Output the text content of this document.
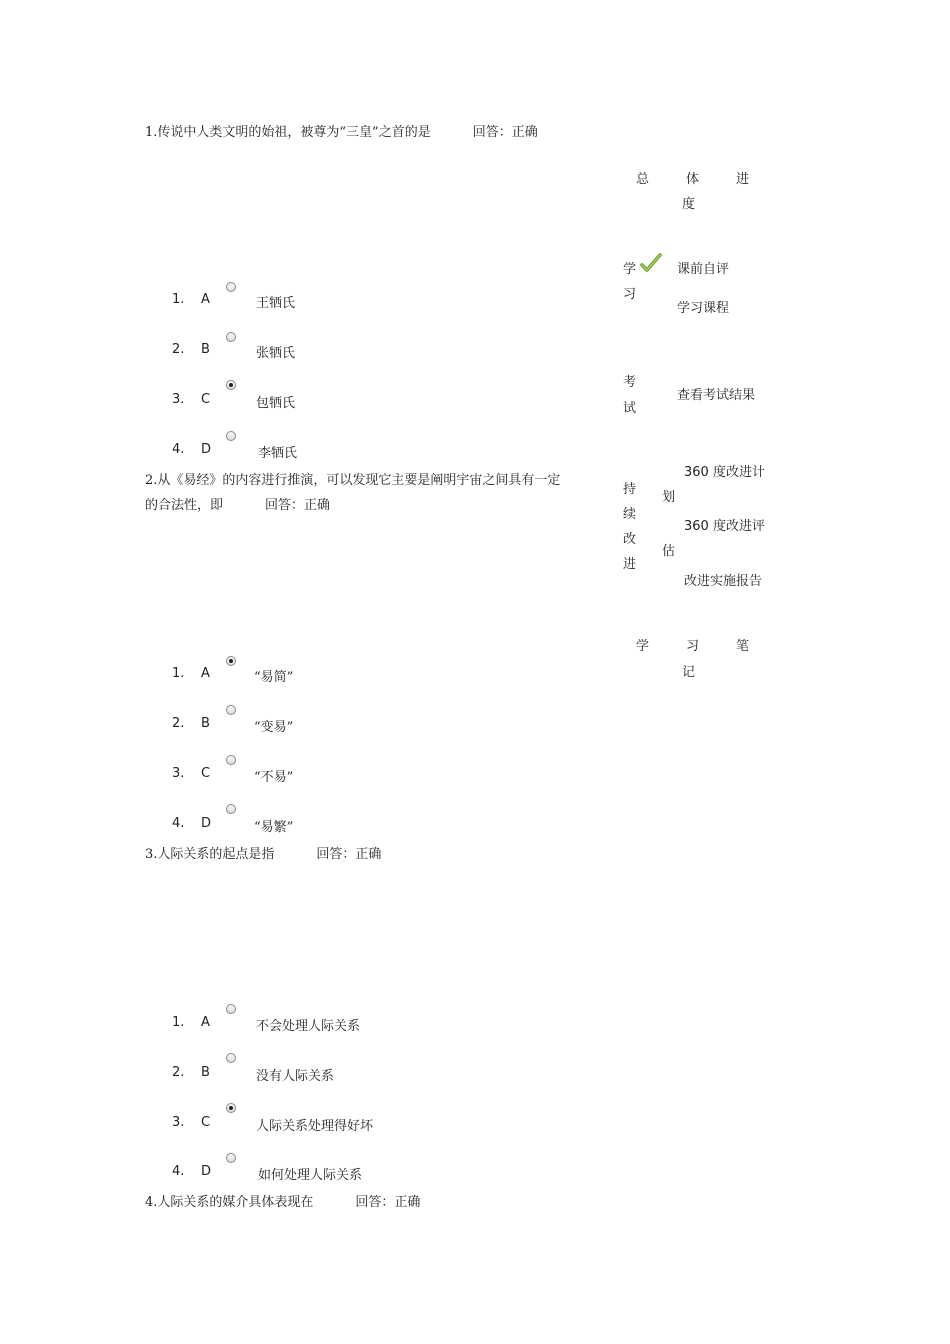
1.传说中人类文明的始祖，被尊为“三皇”之首的是	回答：正确
1. A	王牺氏
2. B	张牺氏
3. C	包牺氏
4. D	李牺氏
2.从《易经》的内容进行推演，可以发现它主要是阐明宇宙之间具有一定
的合法性，即	回答：正确
1. A	“易简”
2. B	“变易”
3. C	“不易”
4. D	“易繁”
3.人际关系的起点是指	回答：正确
1. A	不会处理人际关系
2. B	没有人际关系
3. C	人际关系处理得好坏
4. D	如何处理人际关系
4.人际关系的媒介具体表现在	回答：正确
总	体	进
度
学
习
课前自评
学习课程
考
试
查看考试结果
持
续
改
进
360 度改进计
划
360 度改进评
估
改进实施报告
学	习	笔
记
